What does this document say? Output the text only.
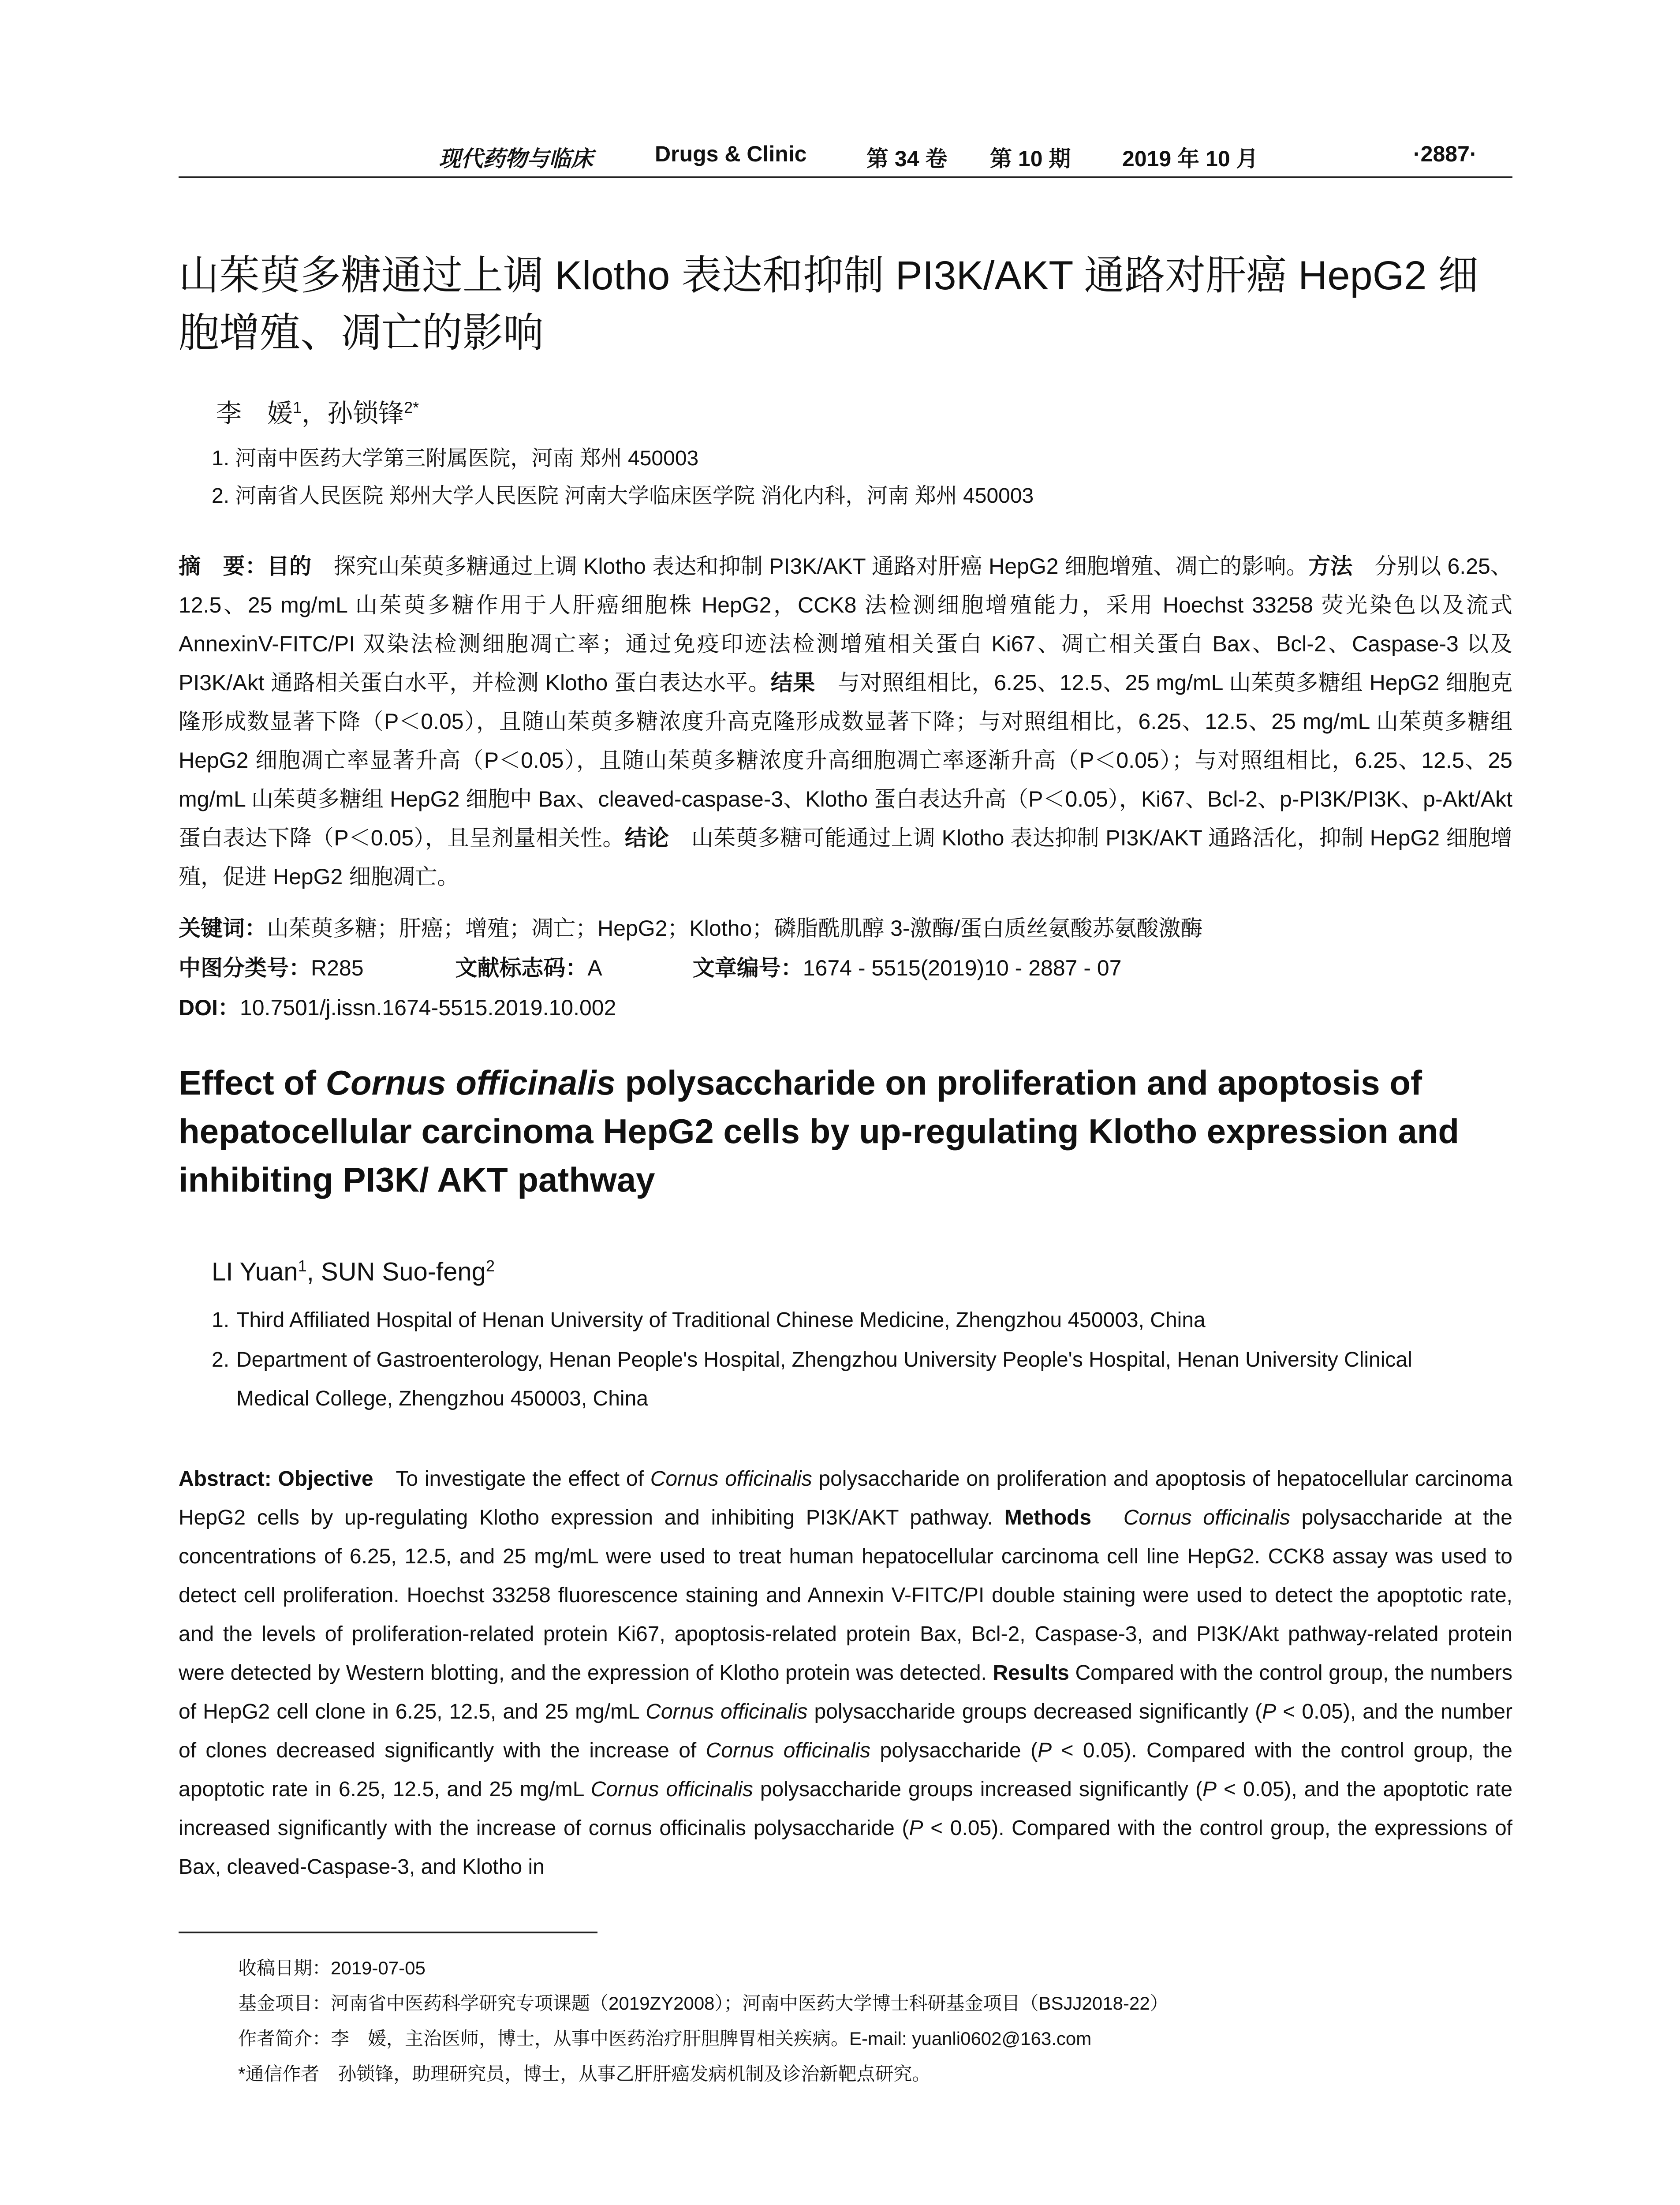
现代药物与临床	Drugs & Clinic	第 34 卷 第 10 期 2019 年 10 月	·2887·
山茱萸多糖通过上调 Klotho 表达和抑制 PI3K/AKT 通路对肝癌 HepG2 细胞增殖、凋亡的影响
李　媛$^1$，孙锁锋$^{2*}$
1. 河南中医药大学第三附属医院，河南 郑州 450003
2. 河南省人民医院 郑州大学人民医院 河南大学临床医学院 消化内科，河南 郑州 450003
摘　要：目的　探究山茱萸多糖通过上调 Klotho 表达和抑制 PI3K/AKT 通路对肝癌 HepG2 细胞增殖、凋亡的影响。方法　分别以 6.25、12.5、25 mg/mL 山茱萸多糖作用于人肝癌细胞株 HepG2，CCK8 法检测细胞增殖能力，采用 Hoechst 33258 荧光染色以及流式 AnnexinV-FITC/PI 双染法检测细胞凋亡率；通过免疫印迹法检测增殖相关蛋白 Ki67、凋亡相关蛋白 Bax、Bcl-2、Caspase-3 以及 PI3K/Akt 通路相关蛋白水平，并检测 Klotho 蛋白表达水平。结果　与对照组相比，6.25、12.5、25 mg/mL 山茱萸多糖组 HepG2 细胞克隆形成数显著下降（P＜0.05），且随山茱萸多糖浓度升高克隆形成数显著下降；与对照组相比，6.25、12.5、25 mg/mL 山茱萸多糖组 HepG2 细胞凋亡率显著升高（P＜0.05），且随山茱萸多糖浓度升高细胞凋亡率逐渐升高（P＜0.05）；与对照组相比，6.25、12.5、25 mg/mL 山茱萸多糖组 HepG2 细胞中 Bax、cleaved-caspase-3、Klotho 蛋白表达升高（P＜0.05），Ki67、Bcl-2、p-PI3K/PI3K、p-Akt/Akt 蛋白表达下降（P＜0.05），且呈剂量相关性。结论　山茱萸多糖可能通过上调 Klotho 表达抑制 PI3K/AKT 通路活化，抑制 HepG2 细胞增殖，促进 HepG2 细胞凋亡。
关键词：山茱萸多糖；肝癌；增殖；凋亡；HepG2；Klotho；磷脂酰肌醇 3-激酶/蛋白质丝氨酸苏氨酸激酶
中图分类号：R285	文献标志码：A	文章编号：1674 - 5515(2019)10 - 2887 - 07
DOI：10.7501/j.issn.1674-5515.2019.10.002
Effect of Cornus officinalis polysaccharide on proliferation and apoptosis of hepatocellular carcinoma HepG2 cells by up-regulating Klotho expression and inhibiting PI3K/ AKT pathway
LI Yuan$^1$, SUN Suo-feng$^2$
1. Third Affiliated Hospital of Henan University of Traditional Chinese Medicine, Zhengzhou 450003, China
2. Department of Gastroenterology, Henan People's Hospital, Zhengzhou University People's Hospital, Henan University Clinical
Medical College, Zhengzhou 450003, China
Abstract: Objective　To investigate the effect of Cornus officinalis polysaccharide on proliferation and apoptosis of hepatocellular carcinoma HepG2 cells by up-regulating Klotho expression and inhibiting PI3K/AKT pathway. Methods　Cornus officinalis polysaccharide at the concentrations of 6.25, 12.5, and 25 mg/mL were used to treat human hepatocellular carcinoma cell line HepG2. CCK8 assay was used to detect cell proliferation. Hoechst 33258 fluorescence staining and Annexin V-FITC/PI double staining were used to detect the apoptotic rate, and the levels of proliferation-related protein Ki67, apoptosis-related protein Bax, Bcl-2, Caspase-3, and PI3K/Akt pathway-related protein were detected by Western blotting, and the expression of Klotho protein was detected. Results Compared with the control group, the numbers of HepG2 cell clone in 6.25, 12.5, and 25 mg/mL Cornus officinalis polysaccharide groups decreased significantly (P < 0.05), and the number of clones decreased significantly with the increase of Cornus officinalis polysaccharide (P < 0.05). Compared with the control group, the apoptotic rate in 6.25, 12.5, and 25 mg/mL Cornus officinalis polysaccharide groups increased significantly (P < 0.05), and the apoptotic rate increased significantly with the increase of cornus officinalis polysaccharide (P < 0.05). Compared with the control group, the expressions of Bax, cleaved-Caspase-3, and Klotho in
收稿日期：2019-07-05
基金项目：河南省中医药科学研究专项课题（2019ZY2008）；河南中医药大学博士科研基金项目（BSJJ2018-22）
作者简介：李　媛，主治医师，博士，从事中医药治疗肝胆脾胃相关疾病。E-mail: yuanli0602@163.com
*通信作者　孙锁锋，助理研究员，博士，从事乙肝肝癌发病机制及诊治新靶点研究。
